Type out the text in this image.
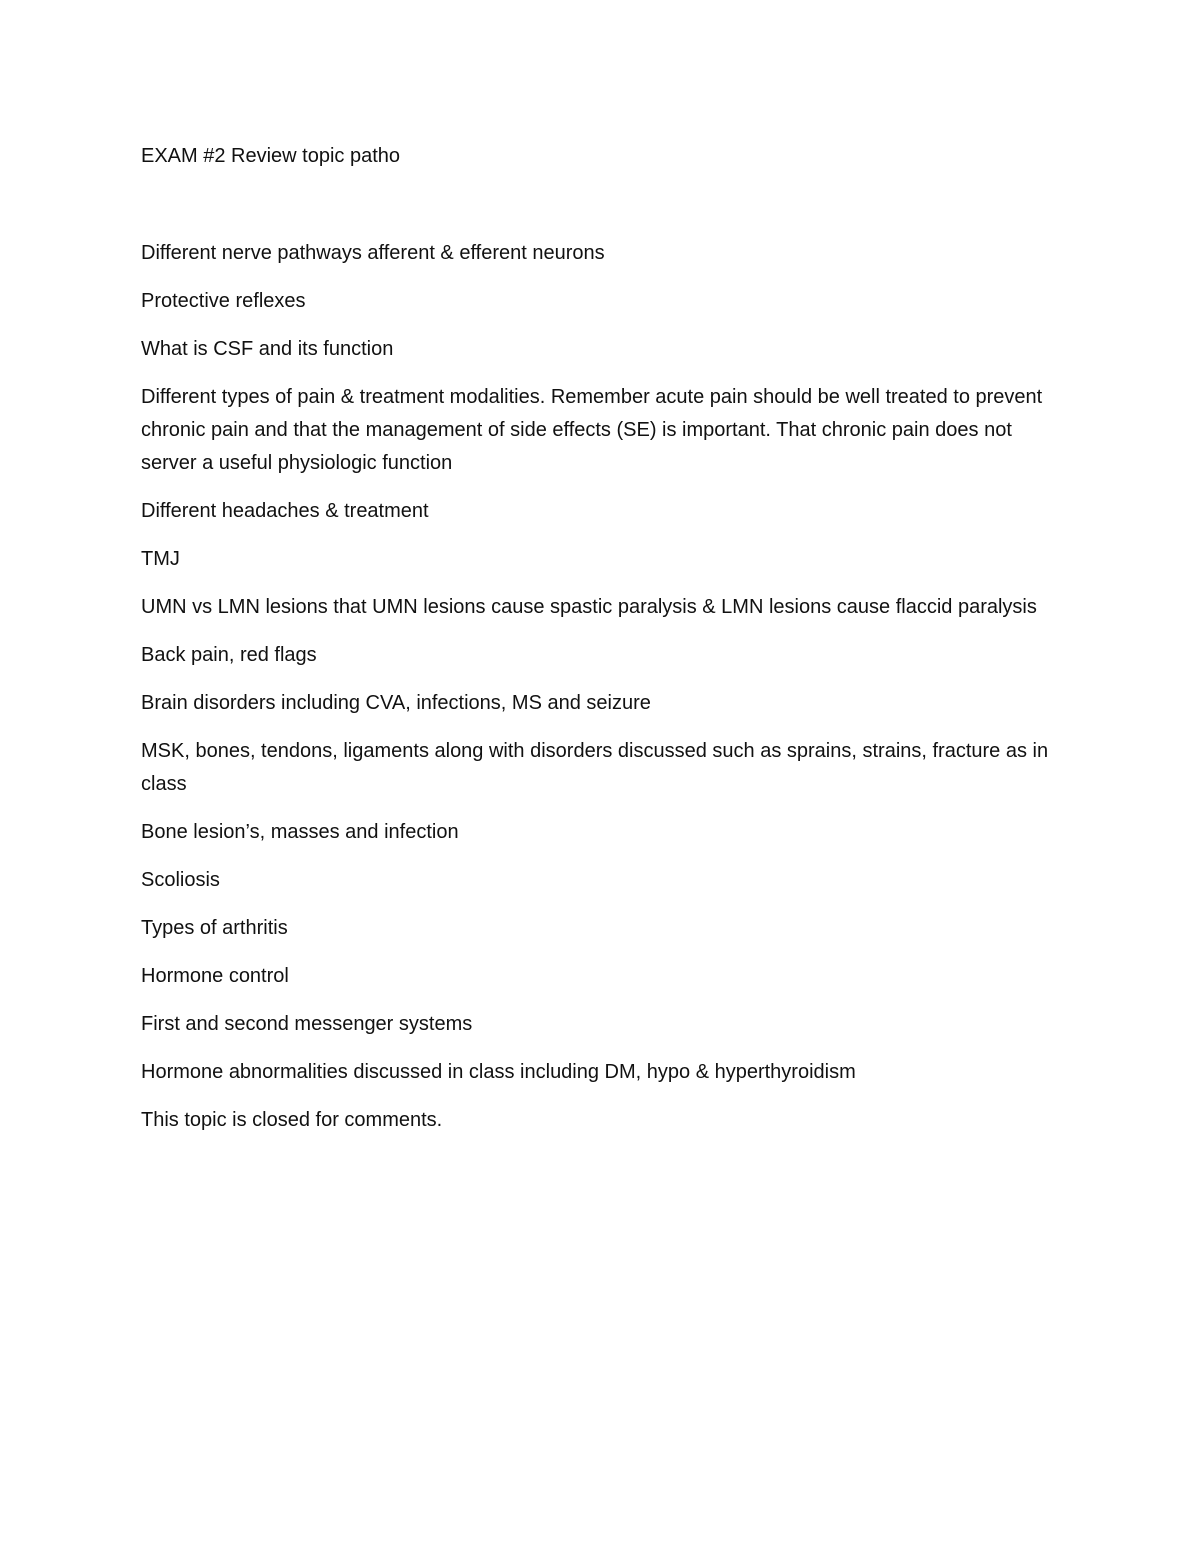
EXAM #2 Review topic patho

Different nerve pathways afferent & efferent neurons

Protective reflexes

What is CSF and its function

Different types of pain & treatment modalities. Remember acute pain should be well treated to prevent chronic pain and that the management of side effects (SE) is important. That chronic pain does not server a useful physiologic function

Different headaches & treatment

TMJ

UMN vs LMN lesions that UMN lesions cause spastic paralysis & LMN lesions cause flaccid paralysis

Back pain, red flags

Brain disorders including CVA, infections, MS and seizure

MSK, bones, tendons, ligaments along with disorders discussed such as sprains, strains, fracture as in class

Bone lesion’s, masses and infection

Scoliosis

Types of arthritis

Hormone control

First and second messenger systems

Hormone abnormalities discussed in class including DM, hypo & hyperthyroidism

This topic is closed for comments.
